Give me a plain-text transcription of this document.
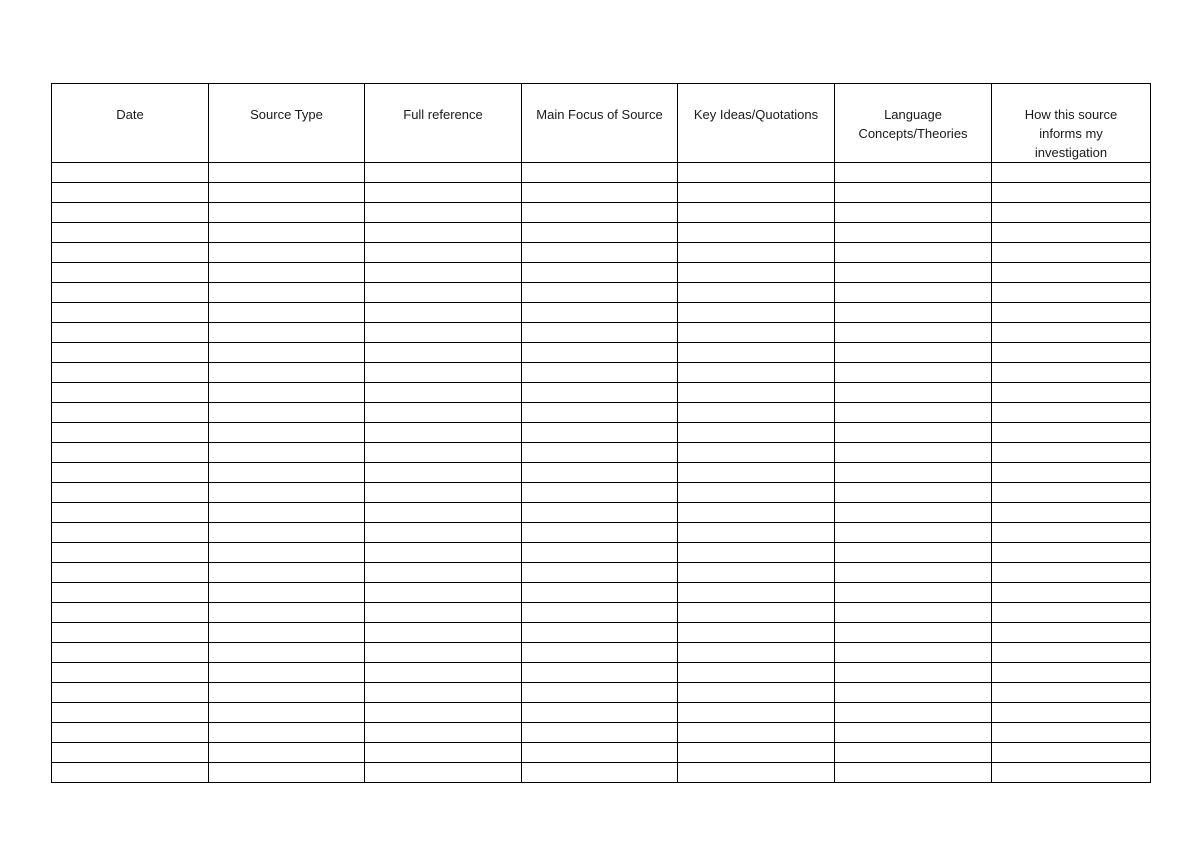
Date	Source Type	Full reference	Main Focus of Source	Key Ideas/Quotations	Language Concepts/Theories	How this source informs my investigation
